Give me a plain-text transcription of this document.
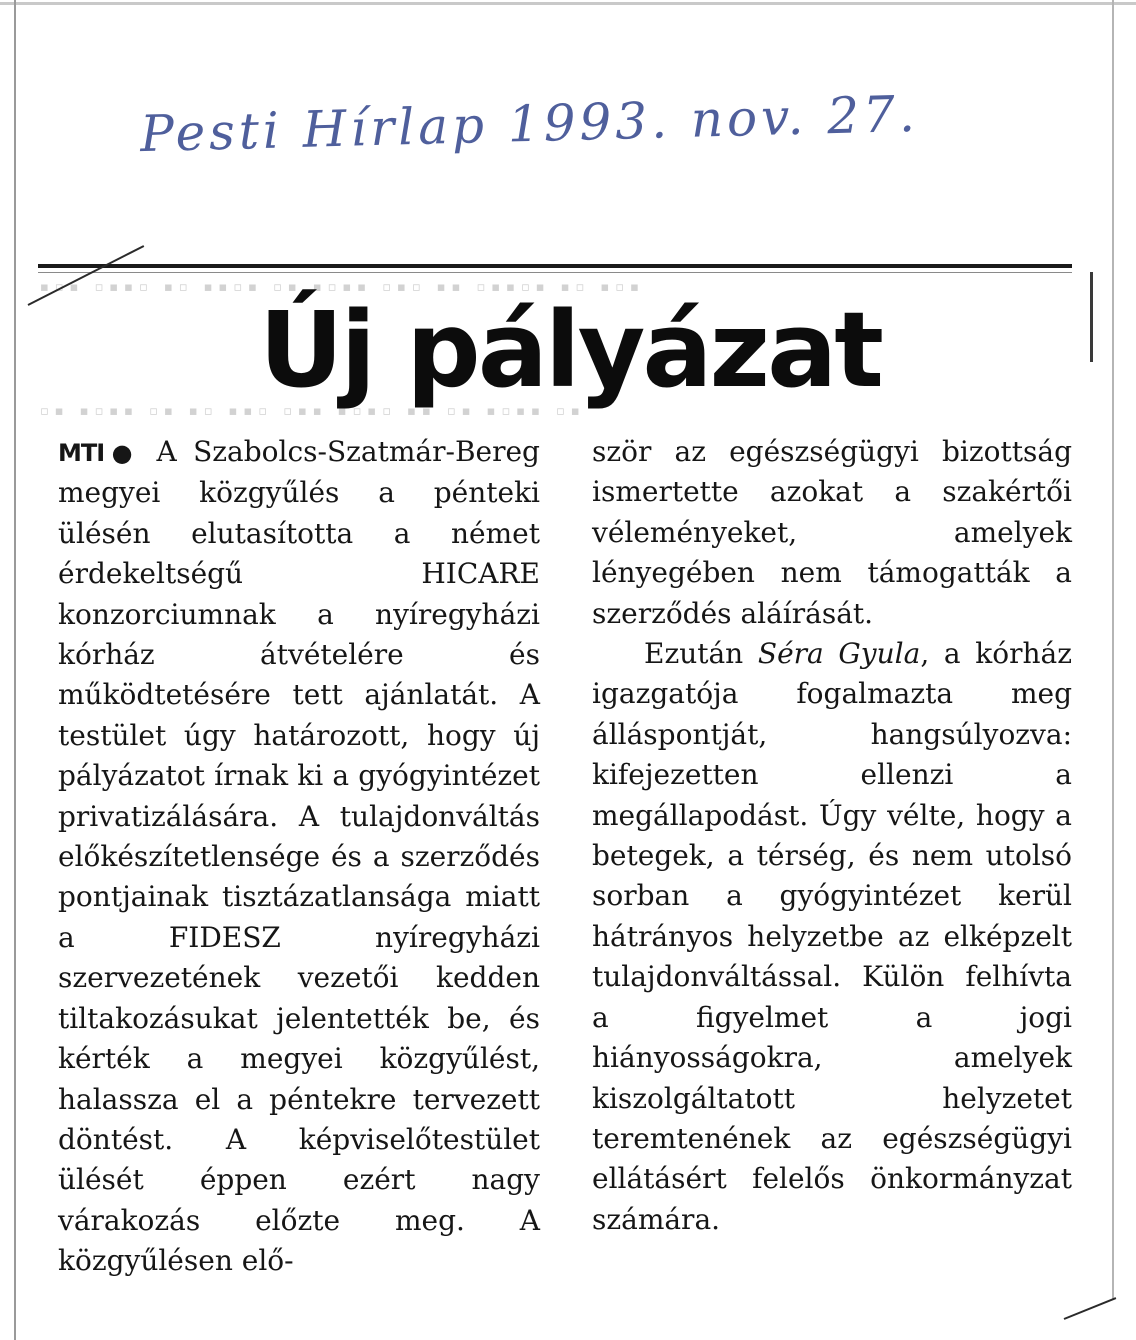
Pesti Hírlap 1993. nov. 27.
▪︎▫︎▪︎ ▫︎▪︎▪︎▫︎ ▪︎▫︎ ▪︎▪︎▫︎▪︎ ▫︎▪︎ ▪︎▫︎▪︎▪︎ ▫︎▪︎▫︎ ▪︎▪︎ ▫︎▪︎▪︎▫︎▪︎ ▪︎▫︎ ▪︎▫︎▪︎
▫︎▪︎ ▪︎▫︎▪︎▪︎ ▫︎▪︎ ▪︎▫︎ ▪︎▪︎▫︎ ▫︎▪︎▪︎ ▪︎▫︎▪︎▫︎ ▪︎▪︎ ▫︎▪︎ ▪︎▫︎▪︎▪︎ ▫︎▪︎
Új pályázat

MTI● A Szabolcs-Szatmár-Bereg megyei közgyűlés a pénteki ülésén elutasította a német érdekeltségű HICARE konzorciumnak a nyíregyházi kórház átvételére és működtetésére tett ajánlatát. A testület úgy határozott, hogy új pályázatot írnak ki a gyógyintézet privatizálására. A tulajdonváltás előkészítetlensége és a szerződés pontjainak tisztázatlansága miatt a FIDESZ nyíregyházi szervezetének vezetői kedden tiltakozásukat jelentették be, és kérték a megyei közgyűlést, halassza el a péntekre tervezett döntést. A képviselőtestület ülését éppen ezért nagy várakozás előzte meg. A közgyűlésen elő-

ször az egészségügyi bizottság ismertette azokat a szakértői véleményeket, amelyek lényegében nem támogatták a szerződés aláírását.

Ezután Séra Gyula, a kórház igazgatója fogalmazta meg álláspontját, hangsúlyozva: kifejezetten ellenzi a megállapodást. Úgy vélte, hogy a betegek, a térség, és nem utolsó sorban a gyógyintézet kerül hátrányos helyzetbe az elképzelt tulajdonváltással. Külön felhívta a figyelmet a jogi hiányosságokra, amelyek kiszolgáltatott helyzetet teremtenének az egészségügyi ellátásért felelős önkormányzat számára.
